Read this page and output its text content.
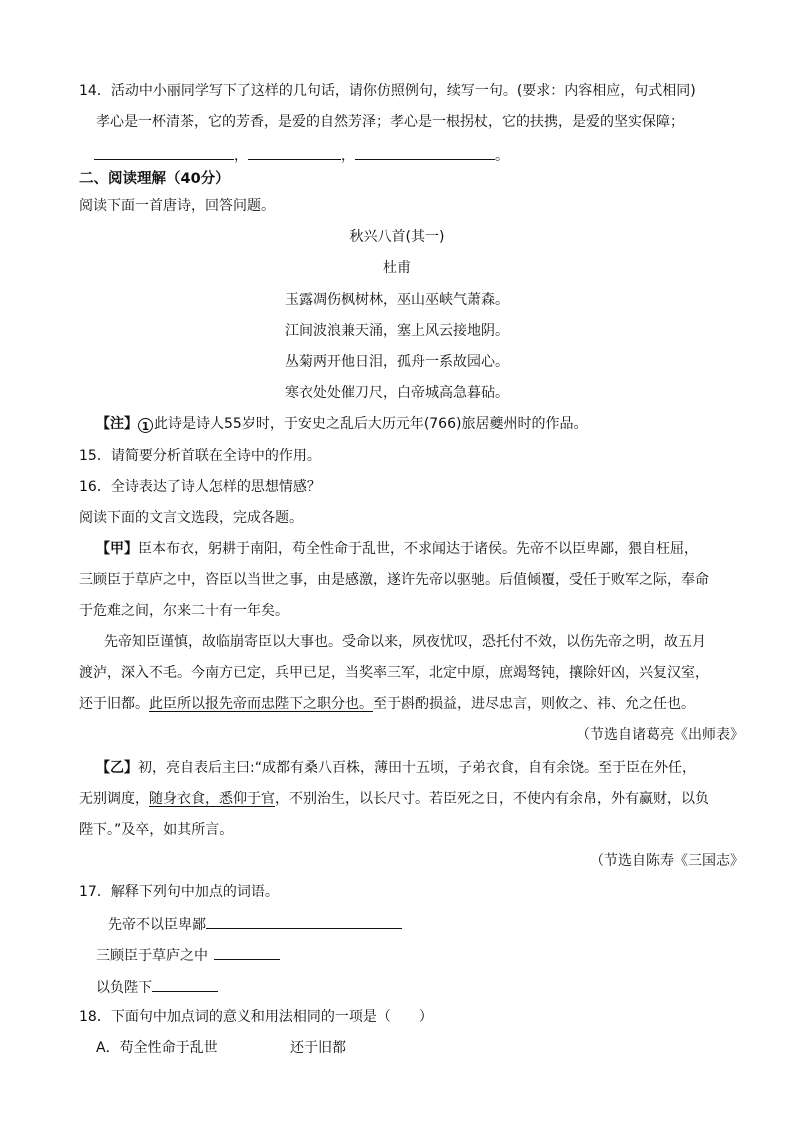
14．活动中小丽同学写下了这样的几句话，请你仿照例句，续写一句。(要求：内容相应，句式相同)
孝心是一杯清茶，它的芳香，是爱的自然芳泽；孝心是一根拐杖，它的扶携，是爱的坚实保障；
，	，	。
二、阅读理解（40分）
阅读下面一首唐诗，回答问题。
秋兴八首(其一)
杜甫
玉露凋伤枫树林，巫山巫峡气萧森。
江间波浪兼天涌，塞上风云接地阴。
丛菊两开他日泪，孤舟一系故园心。
寒衣处处催刀尺，白帝城高急暮砧。
【注】 1 此诗是诗人55岁时，于安史之乱后大历元年(766)旅居夔州时的作品。
15．请简要分析首联在全诗中的作用。
16．全诗表达了诗人怎样的思想情感？
阅读下面的文言文选段，完成各题。
【甲】臣本布衣，躬耕于南阳，苟全性命于乱世，不求闻达于诸侯。先帝不以臣卑鄙，猥自枉屈，
三顾臣于草庐之中，咨臣以当世之事，由是感激，遂许先帝以驱驰。后值倾覆，受任于败军之际，奉命
于危难之间，尔来二十有一年矣。
先帝知臣谨慎，故临崩寄臣以大事也。受命以来，夙夜忧叹，恐托付不效，以伤先帝之明，故五月
渡泸，深入不毛。今南方已定，兵甲已足，当奖率三军，北定中原，庶竭驽钝，攘除奸凶，兴复汉室，
还于旧都。此臣所以报先帝而忠陛下之职分也。至于斟酌损益，进尽忠言，则攸之、祎、允之任也。
（节选自诸葛亮《出师表》
【乙】初，亮自表后主曰:“成都有桑八百株，薄田十五顷，子弟衣食，自有余饶。至于臣在外任，
无别调度，随身衣食，悉仰于官，不别治生，以长尺寸。若臣死之日，不使内有余帛，外有赢财，以负
陛下。”及卒，如其所言。
（节选自陈寿《三国志》
17．解释下列句中加点的词语。
先帝不以臣卑鄙
三顾臣于草庐之中
以负陛下
18．下面句中加点词的意义和用法相同的一项是（　　）
A．苟全性命于乱世	还于旧都
